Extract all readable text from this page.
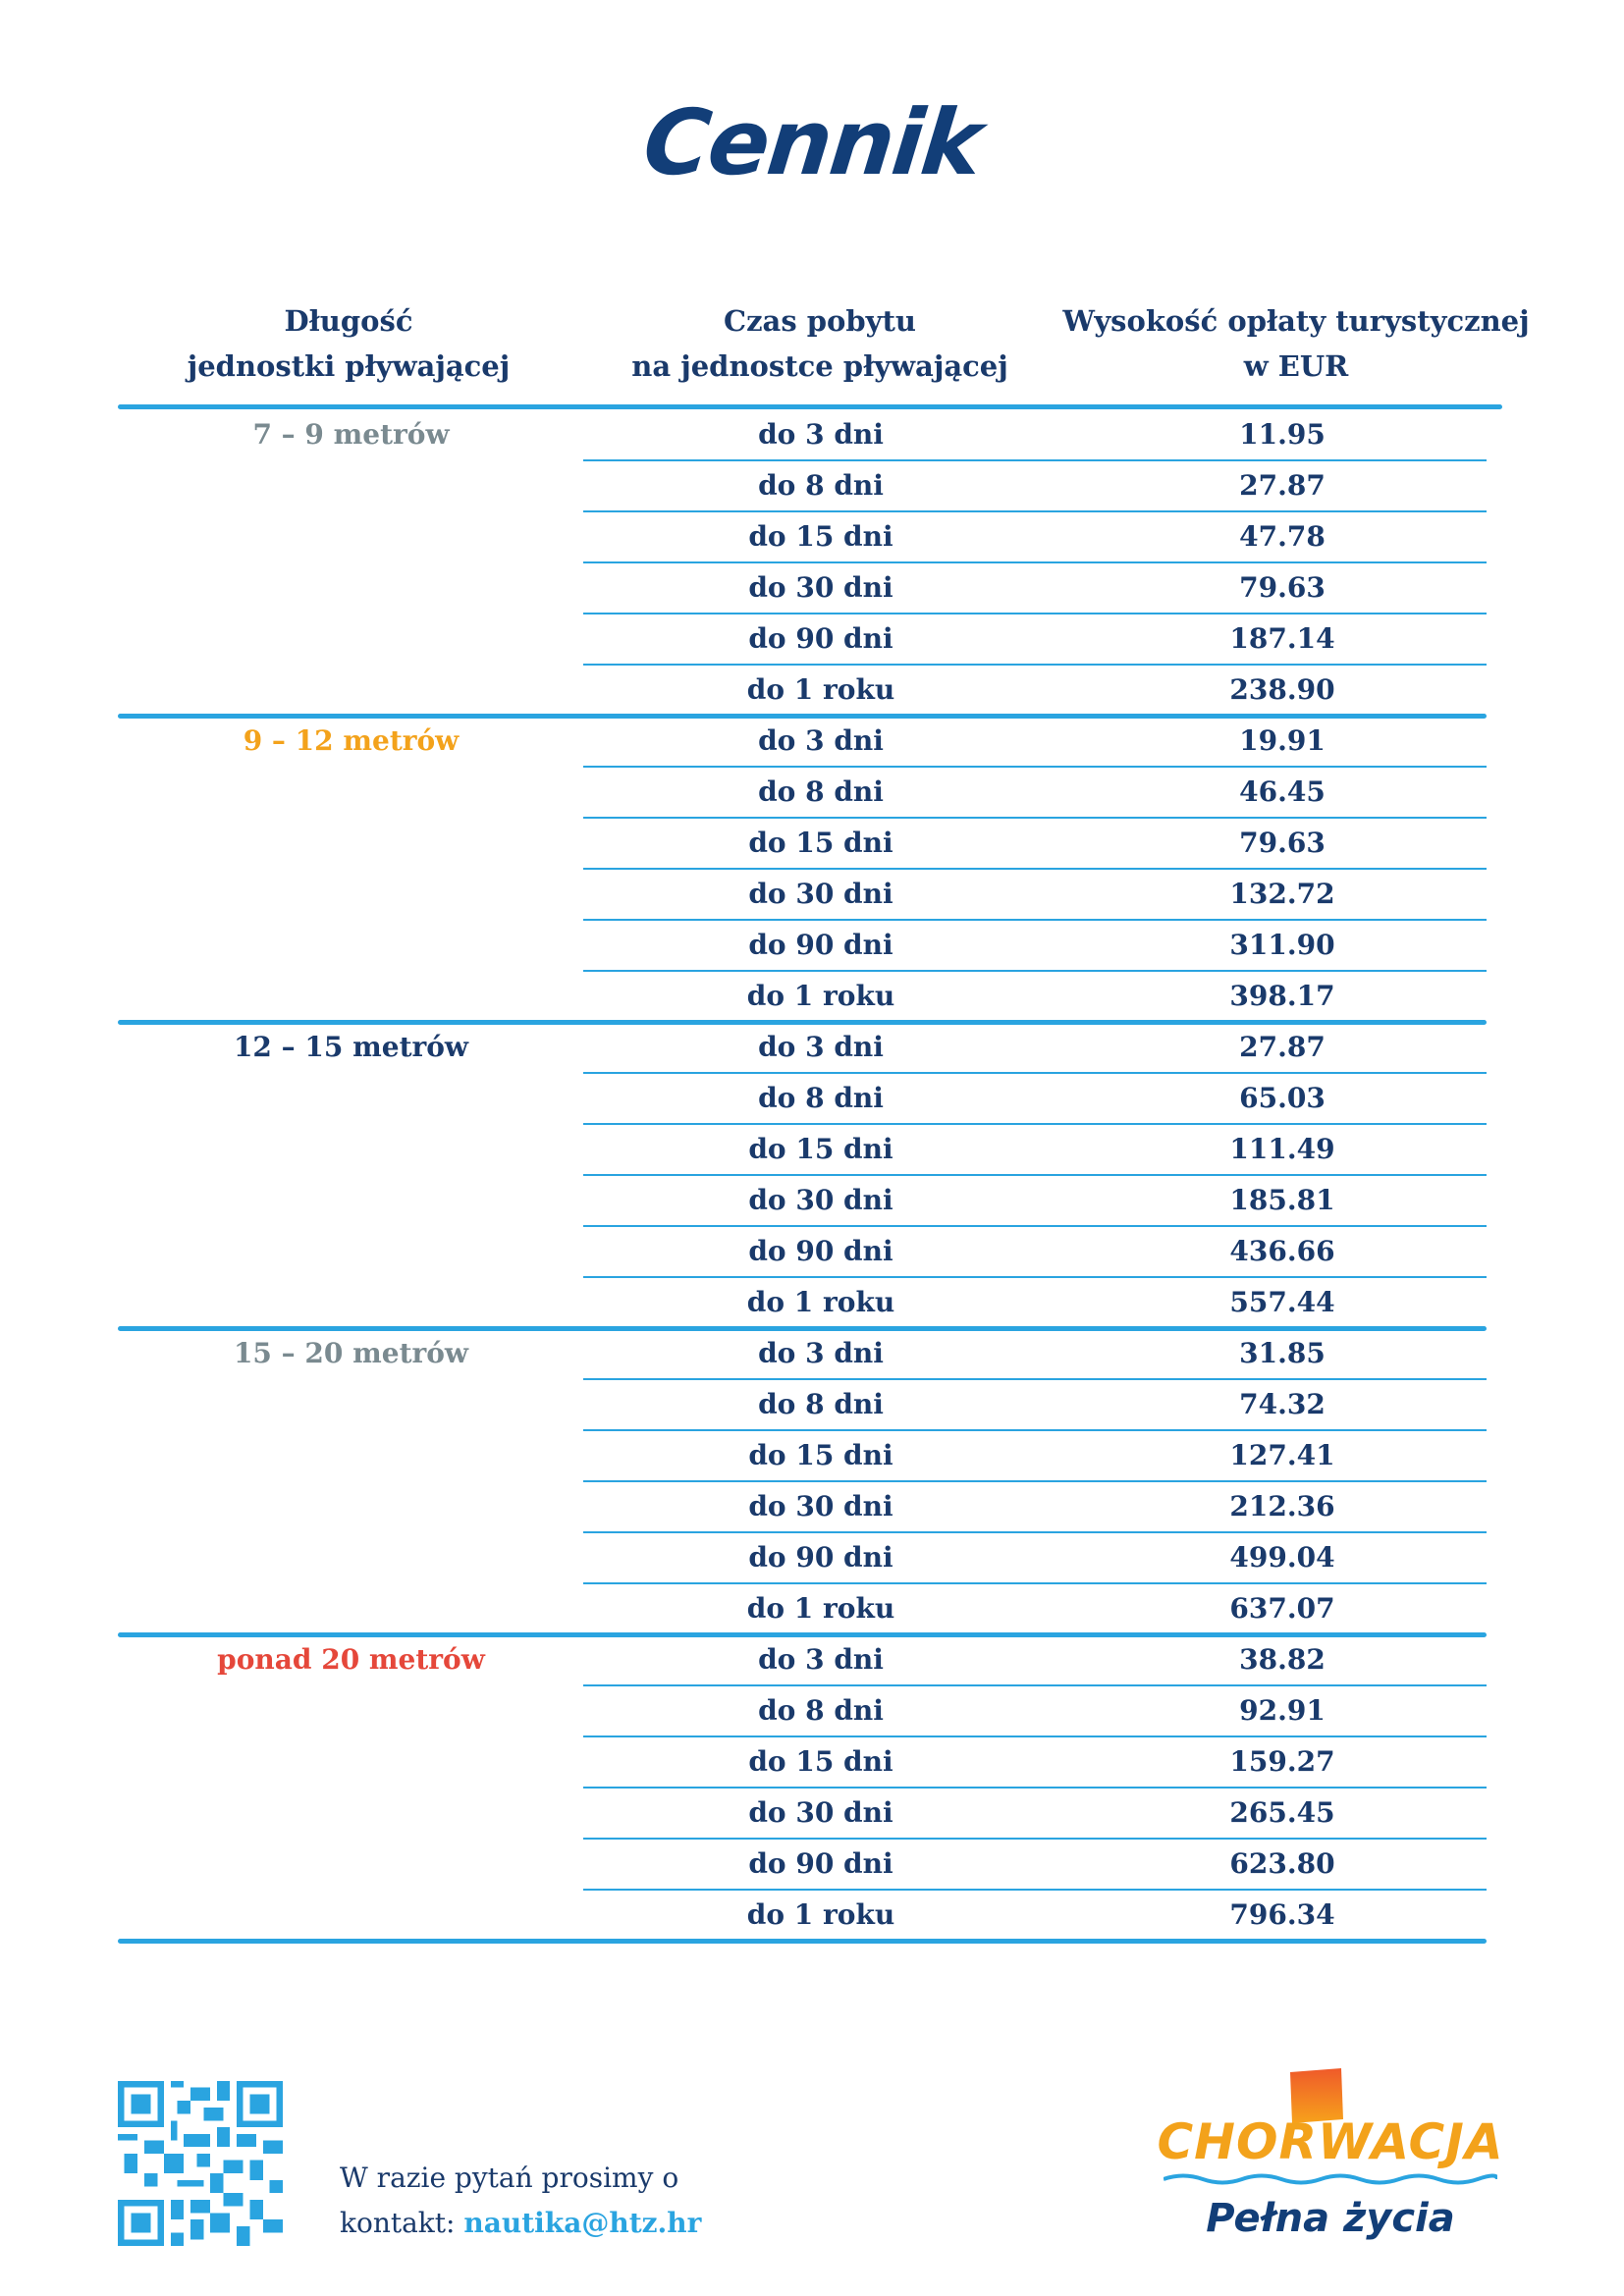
Cennik
Długość
jednostki pływającej
Czas pobytu
na jednostce pływającej
Wysokość opłaty turystycznej
w EUR
7 – 9 metrów	do 3 dni	11.95
do 8 dni	27.87
do 15 dni	47.78
do 30 dni	79.63
do 90 dni	187.14
do 1 roku	238.90
9 – 12 metrów	do 3 dni	19.91
do 8 dni	46.45
do 15 dni	79.63
do 30 dni	132.72
do 90 dni	311.90
do 1 roku	398.17
12 – 15 metrów	do 3 dni	27.87
do 8 dni	65.03
do 15 dni	111.49
do 30 dni	185.81
do 90 dni	436.66
do 1 roku	557.44
15 – 20 metrów	do 3 dni	31.85
do 8 dni	74.32
do 15 dni	127.41
do 30 dni	212.36
do 90 dni	499.04
do 1 roku	637.07
ponad 20 metrów	do 3 dni	38.82
do 8 dni	92.91
do 15 dni	159.27
do 30 dni	265.45
do 90 dni	623.80
do 1 roku	796.34
W razie pytań prosimy o
kontakt: nautika@htz.hr
CHORWACJA
Pełna życia
